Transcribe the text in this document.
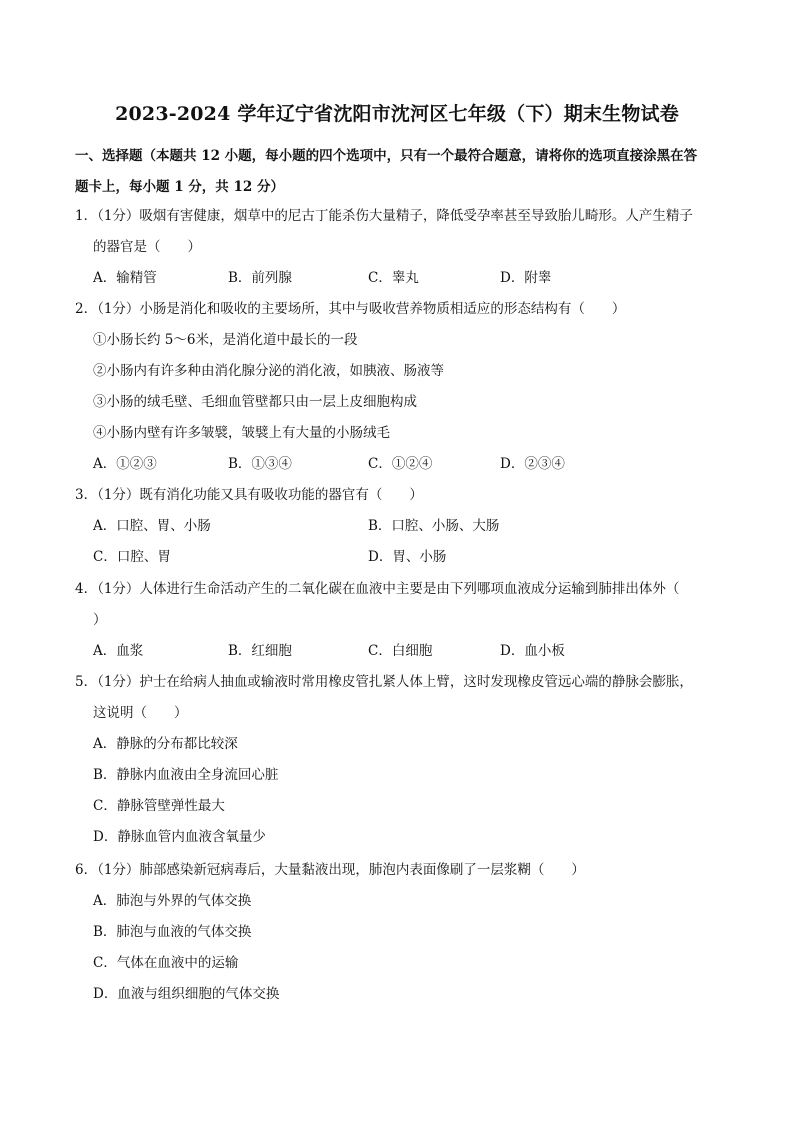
2023-2024 学年辽宁省沈阳市沈河区七年级（下）期末生物试卷
一、选择题（本题共 12 小题，每小题的四个选项中，只有一个最符合题意，请将你的选项直接涂黑在答
题卡上，每小题 1 分，共 12 分）
1．（1分）吸烟有害健康，烟草中的尼古丁能杀伤大量精子，降低受孕率甚至导致胎儿畸形。人产生精子
的器官是（　　）
A．输精管	B．前列腺	C．睾丸	D．附睾
2．（1分）小肠是消化和吸收的主要场所，其中与吸收营养物质相适应的形态结构有（　　）
①小肠长约 5～6米，是消化道中最长的一段
②小肠内有许多种由消化腺分泌的消化液，如胰液、肠液等
③小肠的绒毛壁、毛细血管壁都只由一层上皮细胞构成
④小肠内壁有许多皱襞，皱襞上有大量的小肠绒毛
A．①②③	B．①③④	C．①②④	D．②③④
3．（1分）既有消化功能又具有吸收功能的器官有（　　）
A．口腔、胃、小肠	B．口腔、小肠、大肠
C．口腔、胃	D．胃、小肠
4．（1分）人体进行生命活动产生的二氧化碳在血液中主要是由下列哪项血液成分运输到肺排出体外（
）
A．血浆	B．红细胞	C．白细胞	D．血小板
5．（1分）护士在给病人抽血或输液时常用橡皮管扎紧人体上臂，这时发现橡皮管远心端的静脉会膨胀，
这说明（　　）
A．静脉的分布都比较深
B．静脉内血液由全身流回心脏
C．静脉管壁弹性最大
D．静脉血管内血液含氧量少
6．（1分）肺部感染新冠病毒后，大量黏液出现，肺泡内表面像刷了一层浆糊（　　）
A．肺泡与外界的气体交换
B．肺泡与血液的气体交换
C．气体在血液中的运输
D．血液与组织细胞的气体交换
